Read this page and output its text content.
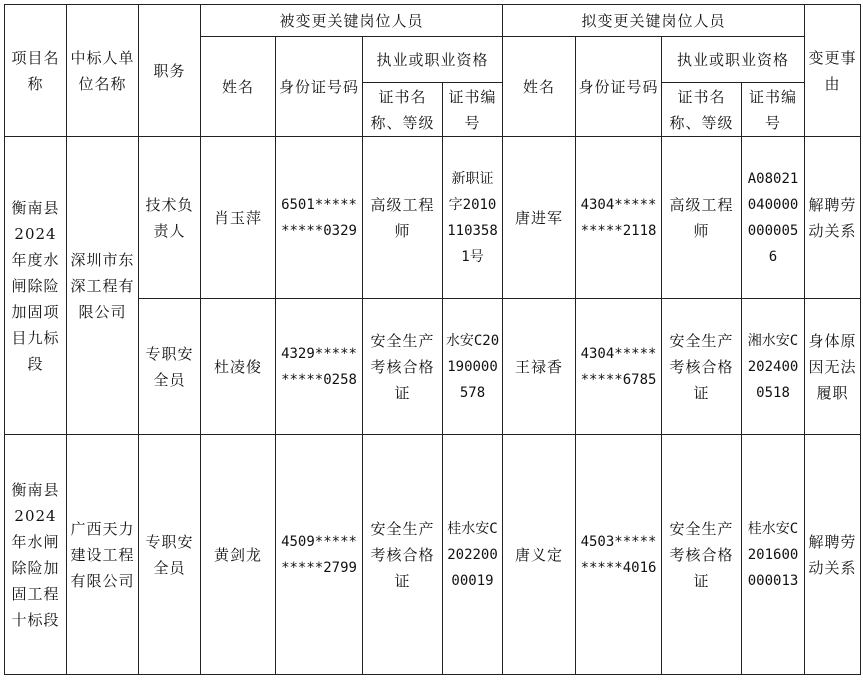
项目名称	中标人单位名称	职务	被变更关键岗位人员				拟变更关键岗位人员				变更事由
			姓名	身份证号码	执业或职业资格		姓名	身份证号码	执业或职业资格		
					证书名称、等级	证书编号			证书名称、等级	证书编号	
衡南县2024年度水闸除险加固项目九标段	深圳市东深工程有限公司	技术负责人	肖玉萍	6501**********0329	高级工程师	新职证字20101103581号	唐进军	4304**********2118	高级工程师	A080210400000000056	解聘劳动关系
		专职安全员	杜凌俊	4329**********0258	安全生产考核合格证	水安C20190000578	王禄香	4304**********6785	安全生产考核合格证	湘水安C2024000518	身体原因无法履职
衡南县2024年水闸除险加固工程十标段	广西天力建设工程有限公司	专职安全员	黄剑龙	4509**********2799	安全生产考核合格证	桂水安C20220000019	唐义定	4503**********4016	安全生产考核合格证	桂水安C201600000013	解聘劳动关系
